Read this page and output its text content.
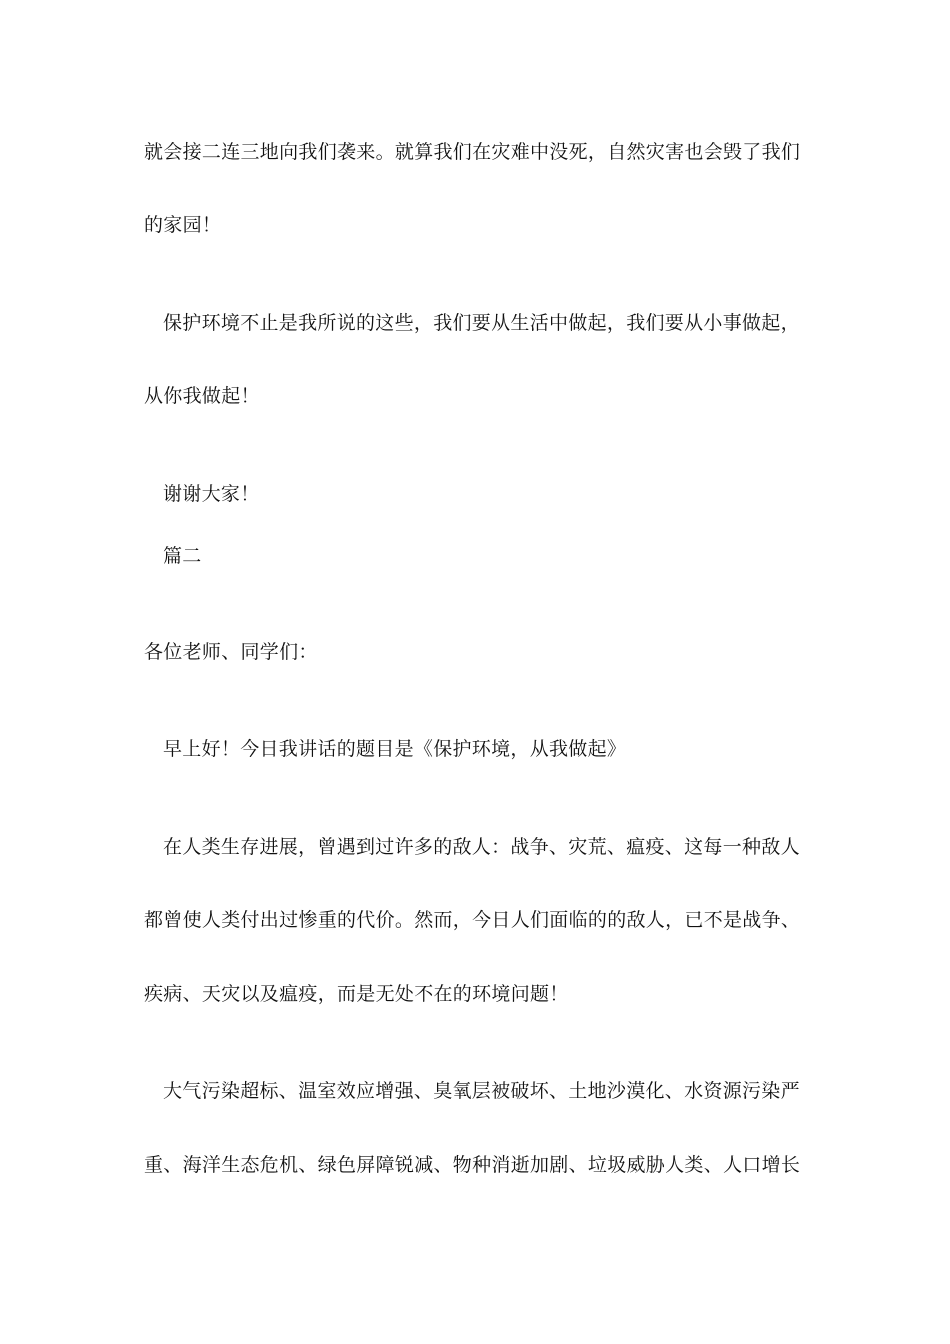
就会接二连三地向我们袭来。就算我们在灾难中没死，自然灾害也会毁了我们
的家园！
保护环境不止是我所说的这些，我们要从生活中做起，我们要从小事做起，
从你我做起！
谢谢大家！
篇二
各位老师、同学们：
早上好！今日我讲话的题目是《保护环境，从我做起》
在人类生存进展，曾遇到过许多的敌人：战争、灾荒、瘟疫、这每一种敌人
都曾使人类付出过惨重的代价。然而，今日人们面临的的敌人，已不是战争、
疾病、天灾以及瘟疫，而是无处不在的环境问题！
大气污染超标、温室效应增强、臭氧层被破坏、土地沙漠化、水资源污染严
重、海洋生态危机、绿色屏障锐减、物种消逝加剧、垃圾威胁人类、人口增长
